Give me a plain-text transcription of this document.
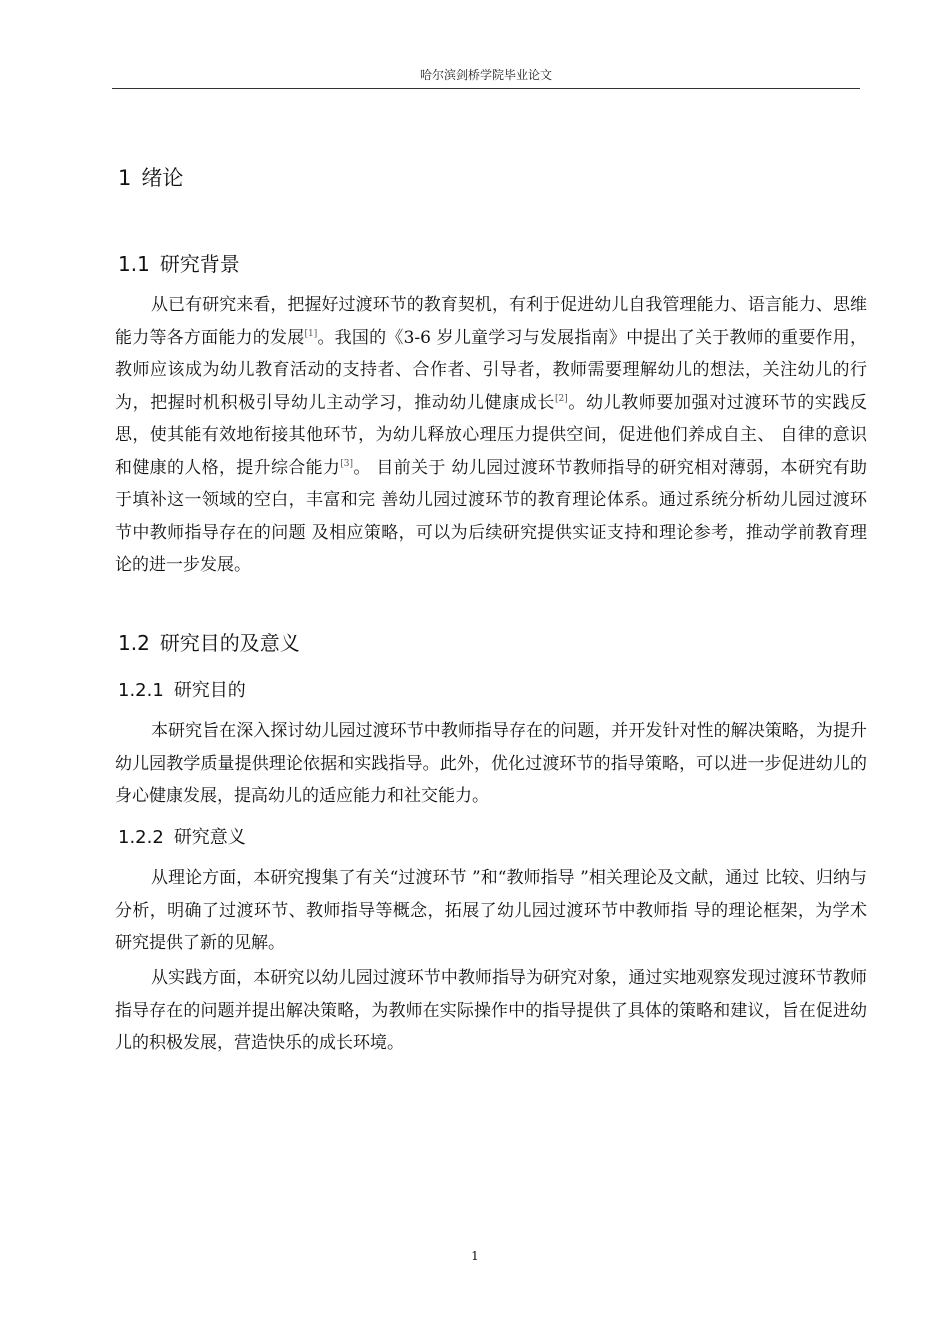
哈尔滨剑桥学院毕业论文
1 绪论
1.1 研究背景

从已有研究来看，把握好过渡环节的教育契机，有利于促进幼儿自我管理能力、语言能力、思维能力等各方面能力的发展[1]。我国的《3-6 岁儿童学习与发展指南》中提出了关于教师的重要作用，教师应该成为幼儿教育活动的支持者、合作者、引导者，教师需要理解幼儿的想法，关注幼儿的行为，把握时机积极引导幼儿主动学习，推动幼儿健康成长[2]。幼儿教师要加强对过渡环节的实践反思，使其能有效地衔接其他环节，为幼儿释放心理压力提供空间，促进他们养成自主、 自律的意识和健康的人格，提升综合能力[3]。 目前关于 幼儿园过渡环节教师指导的研究相对薄弱，本研究有助于填补这一领域的空白，丰富和完 善幼儿园过渡环节的教育理论体系。通过系统分析幼儿园过渡环节中教师指导存在的问题 及相应策略，可以为后续研究提供实证支持和理论参考，推动学前教育理论的进一步发展。

1.2 研究目的及意义
1.2.1 研究目的

本研究旨在深入探讨幼儿园过渡环节中教师指导存在的问题，并开发针对性的解决策略，为提升幼儿园教学质量提供理论依据和实践指导。此外，优化过渡环节的指导策略，可以进一步促进幼儿的身心健康发展，提高幼儿的适应能力和社交能力。

1.2.2 研究意义

从理论方面，本研究搜集了有关“过渡环节 ”和“教师指导 ”相关理论及文献，通过 比较、归纳与分析，明确了过渡环节、教师指导等概念，拓展了幼儿园过渡环节中教师指 导的理论框架，为学术研究提供了新的见解。

从实践方面，本研究以幼儿园过渡环节中教师指导为研究对象，通过实地观察发现过渡环节教师指导存在的问题并提出解决策略，为教师在实际操作中的指导提供了具体的策略和建议，旨在促进幼儿的积极发展，营造快乐的成长环境。

1
